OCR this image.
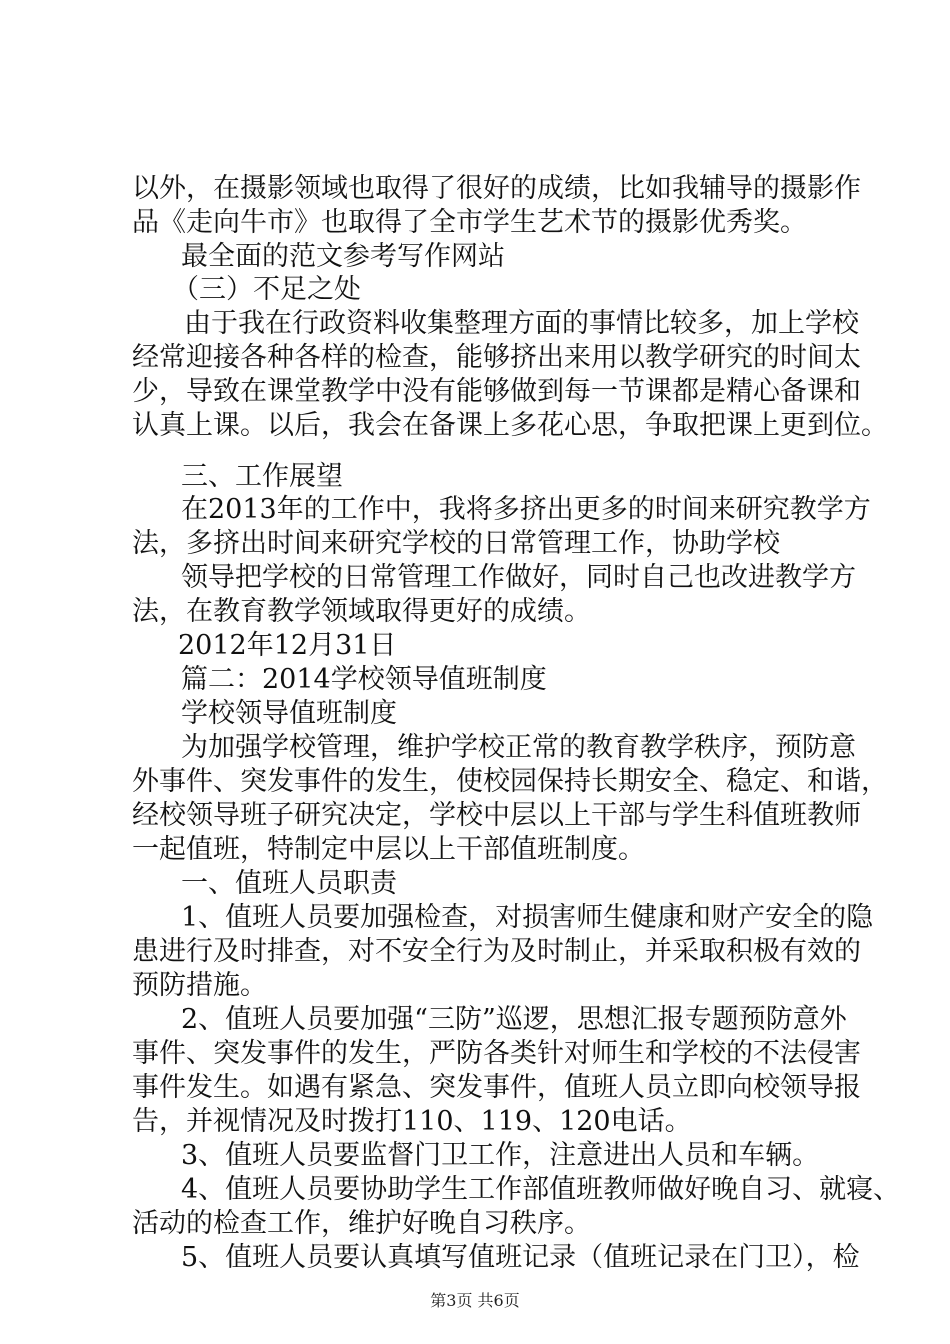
以外，在摄影领域也取得了很好的成绩，比如我辅导的摄影作
品《走向牛市》也取得了全市学生艺术节的摄影优秀奖。
最全面的范文参考写作网站
（三）不足之处
由于我在行政资料收集整理方面的事情比较多，加上学校
经常迎接各种各样的检查，能够挤出来用以教学研究的时间太
少，导致在课堂教学中没有能够做到每一节课都是精心备课和
认真上课。以后，我会在备课上多花心思，争取把课上更到位。
三、工作展望
在2013年的工作中，我将多挤出更多的时间来研究教学方
法，多挤出时间来研究学校的日常管理工作，协助学校
领导把学校的日常管理工作做好，同时自己也改进教学方
法，在教育教学领域取得更好的成绩。
2012年12月31日
篇二：2014学校领导值班制度
学校领导值班制度
为加强学校管理，维护学校正常的教育教学秩序，预防意
外事件、突发事件的发生，使校园保持长期安全、稳定、和谐，
经校领导班子研究决定，学校中层以上干部与学生科值班教师
一起值班，特制定中层以上干部值班制度。
一、值班人员职责
1、值班人员要加强检查，对损害师生健康和财产安全的隐
患进行及时排查，对不安全行为及时制止，并采取积极有效的
预防措施。
2、值班人员要加强“三防”巡逻，思想汇报专题预防意外
事件、突发事件的发生，严防各类针对师生和学校的不法侵害
事件发生。如遇有紧急、突发事件，值班人员立即向校领导报
告，并视情况及时拨打110、119、120电话。
3、值班人员要监督门卫工作，注意进出人员和车辆。
4、值班人员要协助学生工作部值班教师做好晚自习、就寝、
活动的检查工作，维护好晚自习秩序。
5、值班人员要认真填写值班记录（值班记录在门卫），检
第3页 共6页
